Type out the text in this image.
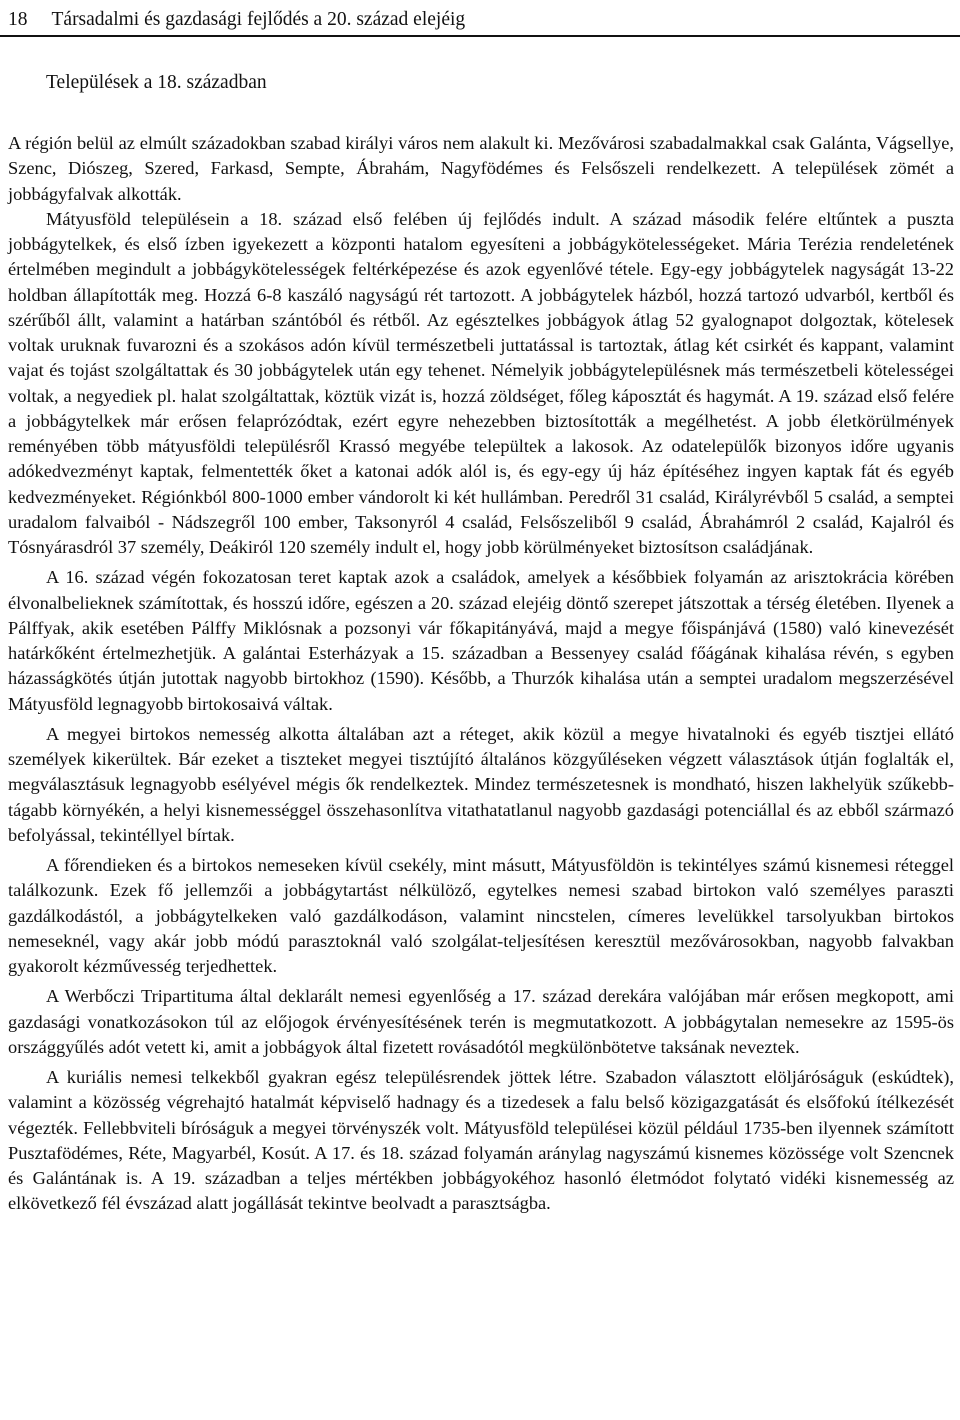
18 Társadalmi és gazdasági fejlődés a 20. század elejéig
Települések a 18. században

A régión belül az elmúlt századokban szabad királyi város nem alakult ki. Mezővárosi szabadalmakkal csak Galánta, Vágsellye, Szenc, Diószeg, Szered, Farkasd, Sempte, Ábrahám, Nagyfödémes és Felsőszeli rendelkezett. A települések zömét a jobbágyfalvak alkották.

Mátyusföld településein a 18. század első felében új fejlődés indult. A század második felére eltűntek a puszta jobbágytelkek, és első ízben igyekezett a központi hatalom egyesíteni a jobbágykötelességeket. Mária Terézia rendeletének értelmében megindult a jobbágykötelességek feltérképezése és azok egyenlővé tétele. Egy-egy jobbágytelek nagyságát 13-22 holdban állapították meg. Hozzá 6-8 kaszáló nagyságú rét tartozott. A jobbágytelek házból, hozzá tartozó udvarból, kertből és szérűből állt, valamint a határban szántóból és rétből. Az egésztelkes jobbágyok átlag 52 gyalognapot dolgoztak, kötelesek voltak uruknak fuvarozni és a szokásos adón kívül természetbeli juttatással is tartoztak, átlag két csirkét és kappant, valamint vajat és tojást szolgáltattak és 30 jobbágytelek után egy tehenet. Némelyik jobbágytelepülésnek más természetbeli kötelességei voltak, a negyediek pl. halat szolgáltattak, köztük vizát is, hozzá zöldséget, főleg káposztát és hagymát. A 19. század első felére a jobbágytelkek már erősen felaprózódtak, ezért egyre nehezebben biztosították a megélhetést. A jobb életkörülmények reményében több mátyusföldi településről Krassó megyébe települtek a lakosok. Az odatelepülők bizonyos időre ugyanis adókedvezményt kaptak, felmentették őket a katonai adók alól is, és egy-egy új ház építéséhez ingyen kaptak fát és egyéb kedvezményeket. Régiónkból 800-1000 ember vándorolt ki két hullámban. Peredről 31 család, Királyrévből 5 család, a semptei uradalom falvaiból - Nádszegről 100 ember, Taksonyról 4 család, Felsőszeliből 9 család, Ábrahámról 2 család, Kajalról és Tósnyárasdról 37 személy, Deákiról 120 személy indult el, hogy jobb körülményeket biztosítson családjának.

A 16. század végén fokozatosan teret kaptak azok a családok, amelyek a későbbiek folyamán az arisztokrácia körében élvonalbelieknek számítottak, és hosszú időre, egészen a 20. század elejéig döntő szerepet játszottak a térség életében. Ilyenek a Pálffyak, akik esetében Pálffy Miklósnak a pozsonyi vár főkapitányává, majd a megye főispánjává (1580) való kinevezését határkőként értelmezhetjük. A galántai Esterházyak a 15. században a Bessenyey család főágának kihalása révén, s egyben házasságkötés útján jutottak nagyobb birtokhoz (1590). Később, a Thurzók kihalása után a semptei uradalom megszerzésével Mátyusföld legnagyobb birtokosaivá váltak.

A megyei birtokos nemesség alkotta általában azt a réteget, akik közül a megye hivatalnoki és egyéb tisztjei ellátó személyek kikerültek. Bár ezeket a tiszteket megyei tisztújító általános közgyűléseken végzett választások útján foglalták el, megválasztásuk legnagyobb esélyével mégis ők rendelkeztek. Mindez természetesnek is mondható, hiszen lakhelyük szűkebb-tágabb környékén, a helyi kisnemességgel összehasonlítva vitathatatlanul nagyobb gazdasági potenciállal és az ebből származó befolyással, tekintéllyel bírtak.

A főrendieken és a birtokos nemeseken kívül csekély, mint másutt, Mátyusföldön is tekintélyes számú kisnemesi réteggel találkozunk. Ezek fő jellemzői a jobbágytartást nélkülöző, egytelkes nemesi szabad birtokon való személyes paraszti gazdálkodástól, a jobbágytelkeken való gazdálkodáson, valamint nincstelen, címeres levelükkel tarsolyukban birtokos nemeseknél, vagy akár jobb módú parasztoknál való szolgálat-teljesítésen keresztül mezővárosokban, nagyobb falvakban gyakorolt kézművesség terjedhettek.

A Werbőczi Tripartituma által deklarált nemesi egyenlőség a 17. század derekára valójában már erősen megkopott, ami gazdasági vonatkozásokon túl az előjogok érvényesítésének terén is megmutatkozott. A jobbágytalan nemesekre az 1595-ös országgyűlés adót vetett ki, amit a jobbágyok által fizetett rovásadótól megkülönbötetve taksának neveztek.

A kuriális nemesi telkekből gyakran egész településrendek jöttek létre. Szabadon választott elöljáróságuk (eskúdtek), valamint a közösség végrehajtó hatalmát képviselő hadnagy és a tizedesek a falu belső közigazgatását és elsőfokú ítélkezését végezték. Fellebbviteli bíróságuk a megyei törvényszék volt. Mátyusföld települései közül például 1735-ben ilyennek számított Pusztafödémes, Réte, Magyarbél, Kosút. A 17. és 18. század folyamán aránylag nagyszámú kisnemes közössége volt Szencnek és Galántának is. A 19. században a teljes mértékben jobbágyokéhoz hasonló életmódot folytató vidéki kisnemesség az elkövetkező fél évszázad alatt jogállását tekintve beolvadt a parasztságba.
